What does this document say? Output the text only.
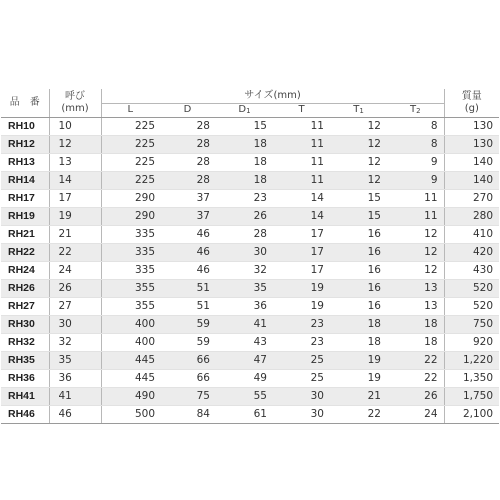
品　番	呼び
(mm)	サイズ(mm)						質量
(g)
		L	D	$D_1$	T	$T_1$	$T_2$
RH10	10	225	28	15	11	12	8	130
RH12	12	225	28	18	11	12	8	130
RH13	13	225	28	18	11	12	9	140
RH14	14	225	28	18	11	12	9	140
RH17	17	290	37	23	14	15	11	270
RH19	19	290	37	26	14	15	11	280
RH21	21	335	46	28	17	16	12	410
RH22	22	335	46	30	17	16	12	420
RH24	24	335	46	32	17	16	12	430
RH26	26	355	51	35	19	16	13	520
RH27	27	355	51	36	19	16	13	520
RH30	30	400	59	41	23	18	18	750
RH32	32	400	59	43	23	18	18	920
RH35	35	445	66	47	25	19	22	1,220
RH36	36	445	66	49	25	19	22	1,350
RH41	41	490	75	55	30	21	26	1,750
RH46	46	500	84	61	30	22	24	2,100
